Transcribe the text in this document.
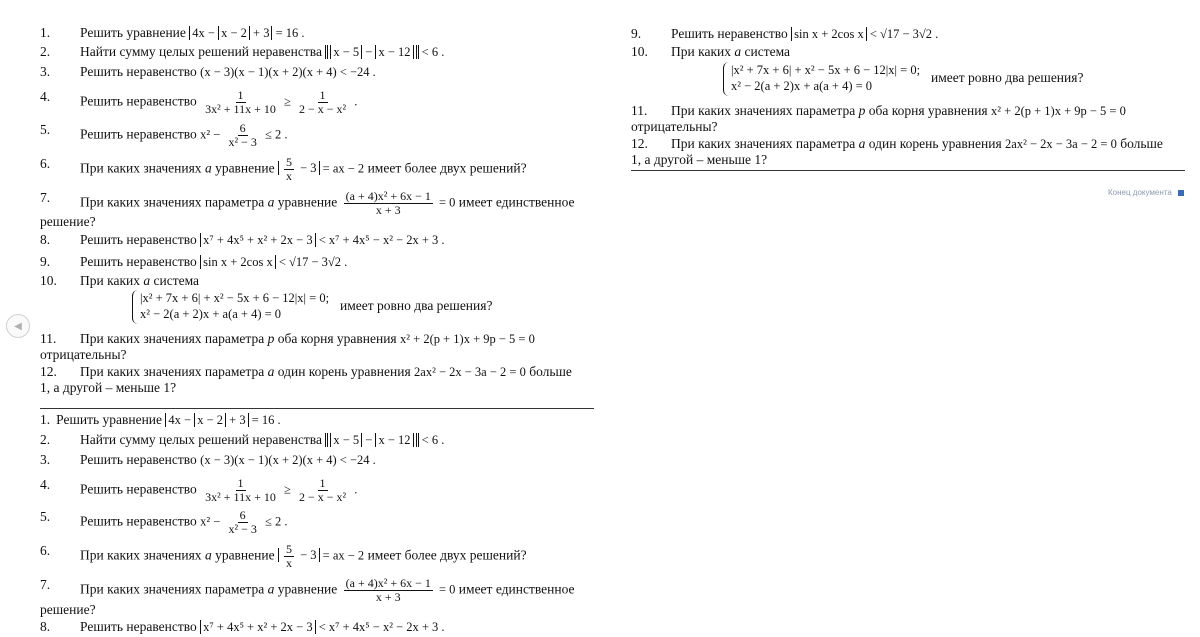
◀
1. Решить уравнение 4x − x − 2 + 3 = 16 .
2. Найти сумму целых решений неравенства x − 5 − x − 12 < 6 .
3. Решить неравенство (x − 3)(x − 1)(x + 2)(x + 4) < −24 .
4. Решить неравенство $\frac{1}{\text{3x² + 11x + 10}} \ge \frac{1}{\text{2 − x − x²}}$ .
5. Решить неравенство $x^2 - \frac{6}{\text{x² − 3}} \le 2$ .
6. При каких значениях a уравнение $\frac{5}{x} - 3$ = ax − 2 имеет более двух решений?
7. При каких значениях параметра a уравнение $\frac{\text{(a + 4)x² + 6x − 1}}{x + 3} = 0$ имеет единственное
решение?
8. Решить неравенство x⁷ + 4x⁵ + x² + 2x − 3 < x⁷ + 4x⁵ − x² − 2x + 3 .
9. Решить неравенство sin x + 2cos x < √17 − 3√2 .
10. При каких a система
|x² + 7x + 6| + x² − 5x + 6 − 12|x| = 0;
x² − 2(a + 2)x + a(a + 4) = 0
имеет ровно два решения?
11. При каких значениях параметра p оба корня уравнения x² + 2(p + 1)x + 9p − 5 = 0
отрицательны?
12. При каких значениях параметра a один корень уравнения 2ax² − 2x − 3a − 2 = 0 больше
1, а другой – меньше 1?
1. Решить уравнение 4x − x − 2 + 3 = 16 .
2. Найти сумму целых решений неравенства x − 5 − x − 12 < 6 .
3. Решить неравенство (x − 3)(x − 1)(x + 2)(x + 4) < −24 .
4. Решить неравенство $\frac{1}{\text{3x² + 11x + 10}} \ge \frac{1}{\text{2 − x − x²}}$ .
5. Решить неравенство $x^2 - \frac{6}{\text{x² − 3}} \le 2$ .
6. При каких значениях a уравнение $\frac{5}{x} - 3$ = ax − 2 имеет более двух решений?
7. При каких значениях параметра a уравнение $\frac{\text{(a + 4)x² + 6x − 1}}{x + 3} = 0$ имеет единственное
решение?
8. Решить неравенство x⁷ + 4x⁵ + x² + 2x − 3 < x⁷ + 4x⁵ − x² − 2x + 3 .
9. Решить неравенство sin x + 2cos x < √17 − 3√2 .
10. При каких a система
|x² + 7x + 6| + x² − 5x + 6 − 12|x| = 0;
x² − 2(a + 2)x + a(a + 4) = 0
имеет ровно два решения?
11. При каких значениях параметра p оба корня уравнения x² + 2(p + 1)x + 9p − 5 = 0
отрицательны?
12. При каких значениях параметра a один корень уравнения 2ax² − 2x − 3a − 2 = 0 больше
1, а другой – меньше 1?
Конец документа
